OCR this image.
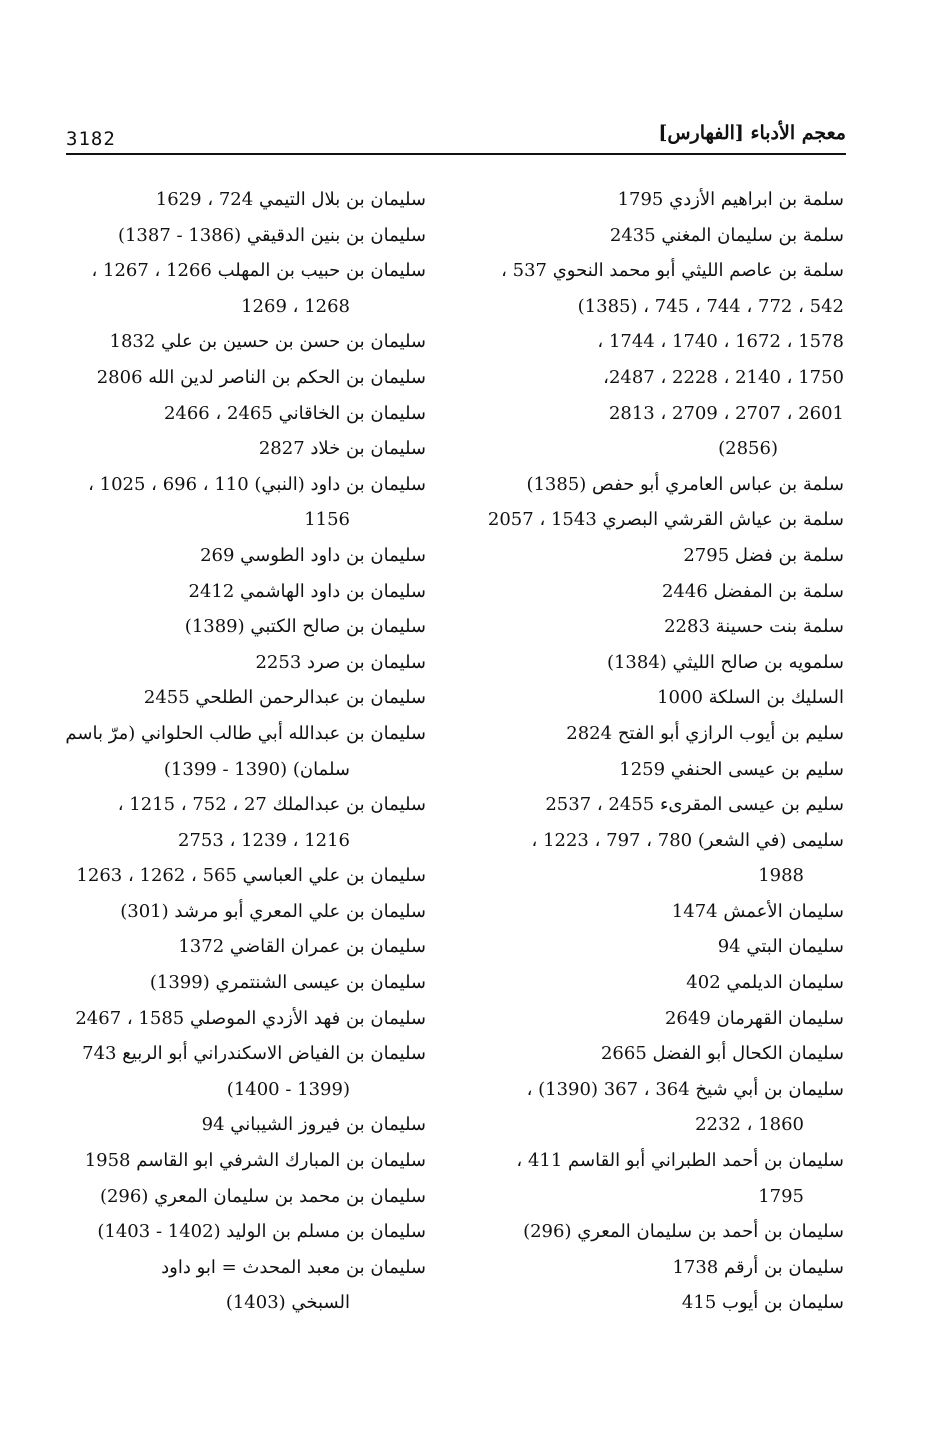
3182	معجم الأدباء [الفهارس]
سلمة بن ابراهيم الأزدي 1795
سلمة بن سليمان المغني 2435
سلمة بن عاصم الليثي أبو محمد النحوي 537 ،
542 ، 772 ، 744 ، 745 ، (1385)
1578 ، 1672 ، 1740 ، 1744 ،
1750 ، 2140 ، 2228 ، 2487،
2601 ، 2707 ، 2709 ، 2813
(2856)
سلمة بن عباس العامري أبو حفص (1385)
سلمة بن عياش القرشي البصري 1543 ، 2057
سلمة بن فضل 2795
سلمة بن المفضل 2446
سلمة بنت حسينة 2283
سلمويه بن صالح الليثي (1384)
السليك بن السلكة 1000
سليم بن أيوب الرازي أبو الفتح 2824
سليم بن عيسى الحنفي 1259
سليم بن عيسى المقرىء 2455 ، 2537
سليمى (في الشعر) 780 ، 797 ، 1223 ،
1988
سليمان الأعمش 1474
سليمان البتي 94
سليمان الديلمي 402
سليمان القهرمان 2649
سليمان الكحال أبو الفضل 2665
سليمان بن أبي شيخ 364 ، 367 (1390) ،
1860 ، 2232
سليمان بن أحمد الطبراني أبو القاسم 411 ،
1795
سليمان بن أحمد بن سليمان المعري (296)
سليمان بن أرقم 1738
سليمان بن أيوب 415
سليمان بن بلال التيمي 724 ، 1629
سليمان بن بنين الدقيقي (1386 - 1387)
سليمان بن حبيب بن المهلب 1266 ، 1267 ،
1268 ، 1269
سليمان بن حسن بن حسين بن علي 1832
سليمان بن الحكم بن الناصر لدين الله 2806
سليمان بن الخاقاني 2465 ، 2466
سليمان بن خلاد 2827
سليمان بن داود (النبي) 110 ، 696 ، 1025 ،
1156
سليمان بن داود الطوسي 269
سليمان بن داود الهاشمي 2412
سليمان بن صالح الكتبي (1389)
سليمان بن صرد 2253
سليمان بن عبدالرحمن الطلحي 2455
سليمان بن عبدالله أبي طالب الحلواني (مرّ باسم
سلمان) (1390 - 1399)
سليمان بن عبدالملك 27 ، 752 ، 1215 ،
1216 ، 1239 ، 2753
سليمان بن علي العباسي 565 ، 1262 ، 1263
سليمان بن علي المعري أبو مرشد (301)
سليمان بن عمران القاضي 1372
سليمان بن عيسى الشنتمري (1399)
سليمان بن فهد الأزدي الموصلي 1585 ، 2467
سليمان بن الفياض الاسكندراني أبو الربيع 743
(1399 - 1400)
سليمان بن فيروز الشيباني 94
سليمان بن المبارك الشرفي ابو القاسم 1958
سليمان بن محمد بن سليمان المعري (296)
سليمان بن مسلم بن الوليد (1402 - 1403)
سليمان بن معبد المحدث = ابو داود
السبخي (1403)
